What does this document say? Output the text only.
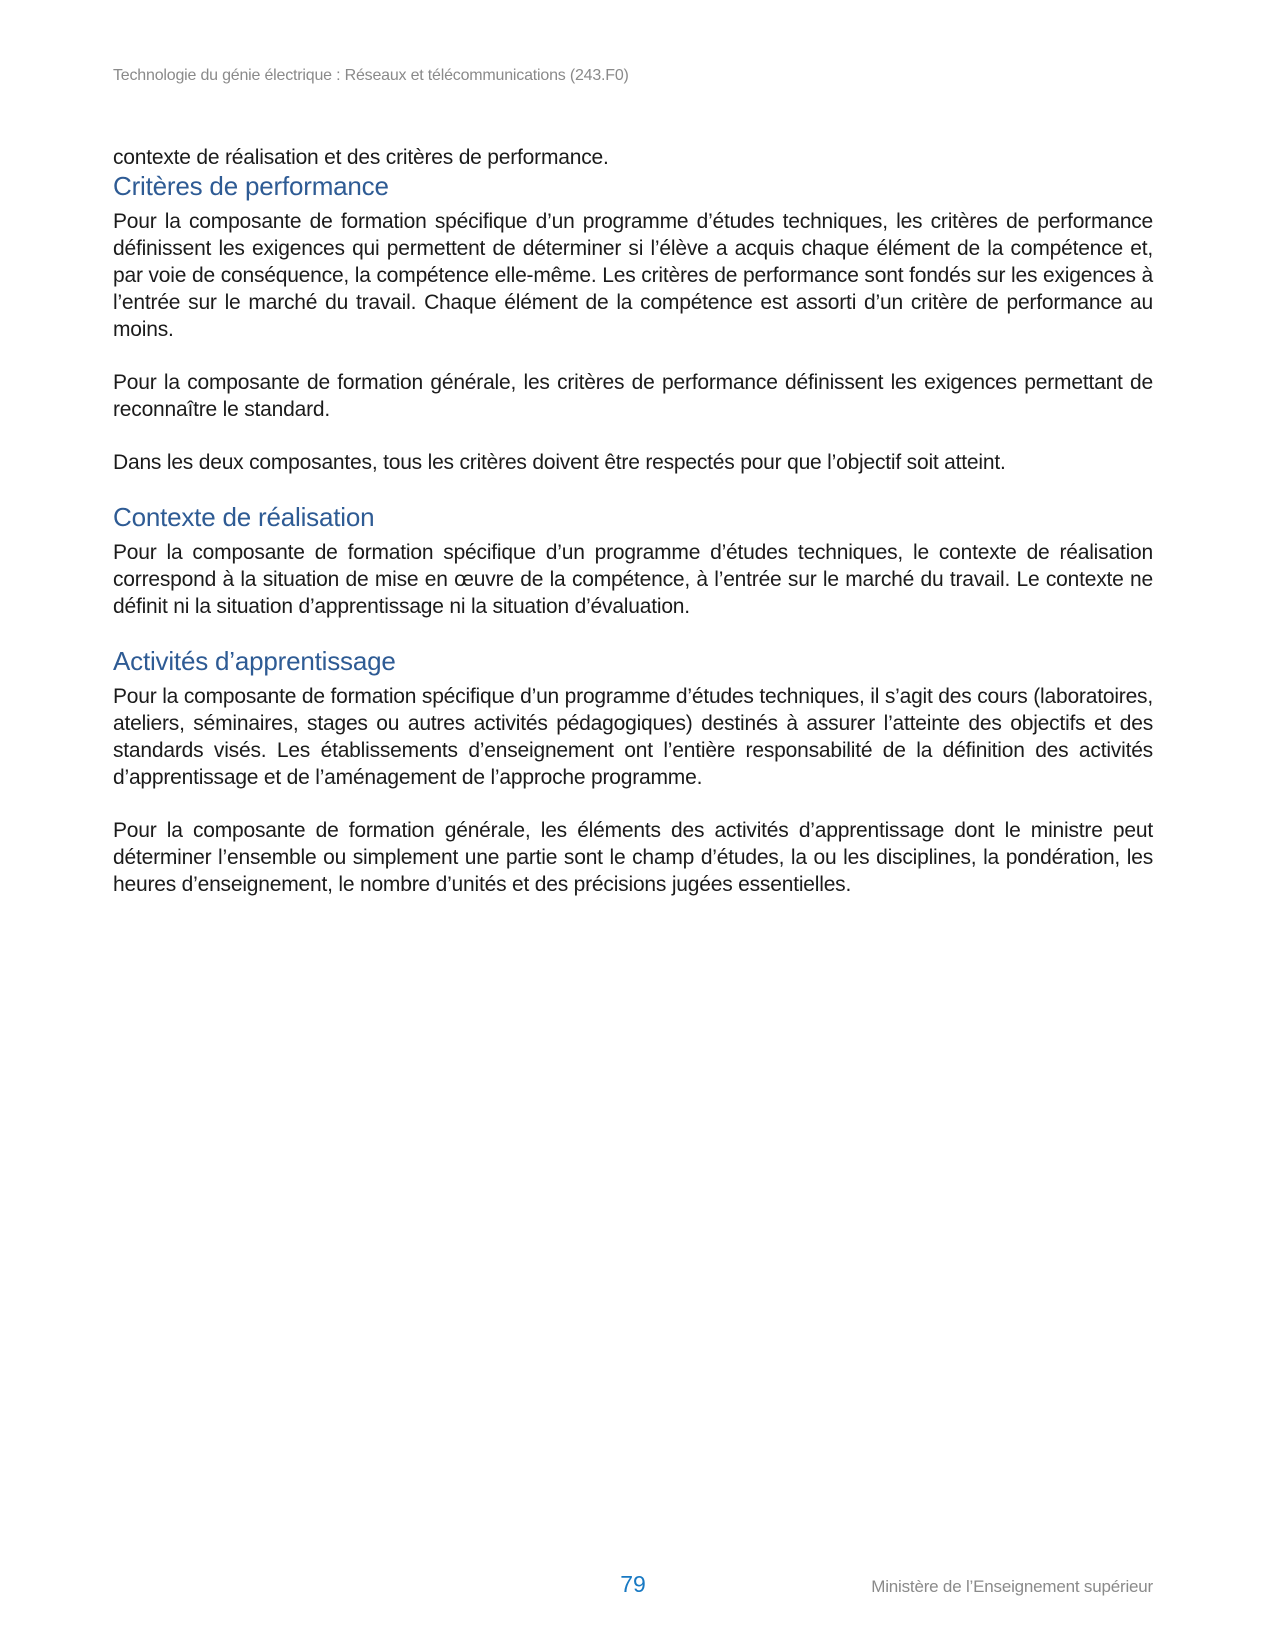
Technologie du génie électrique : Réseaux et télécommunications (243.F0)

contexte de réalisation et des critères de performance.

Critères de performance

Pour la composante de formation spécifique d’un programme d’études techniques, les critères de performance définissent les exigences qui permettent de déterminer si l’élève a acquis chaque élément de la compétence et, par voie de conséquence, la compétence elle-même. Les critères de performance sont fondés sur les exigences à l’entrée sur le marché du travail. Chaque élément de la compétence est assorti d’un critère de performance au moins.

Pour la composante de formation générale, les critères de performance définissent les exigences permettant de reconnaître le standard.

Dans les deux composantes, tous les critères doivent être respectés pour que l’objectif soit atteint.

Contexte de réalisation

Pour la composante de formation spécifique d’un programme d’études techniques, le contexte de réalisation correspond à la situation de mise en œuvre de la compétence, à l’entrée sur le marché du travail. Le contexte ne définit ni la situation d’apprentissage ni la situation d’évaluation.

Activités d’apprentissage

Pour la composante de formation spécifique d’un programme d’études techniques, il s’agit des cours (laboratoires, ateliers, séminaires, stages ou autres activités pédagogiques) destinés à assurer l’atteinte des objectifs et des standards visés. Les établissements d’enseignement ont l’entière responsabilité de la définition des activités d’apprentissage et de l’aménagement de l’approche programme.

Pour la composante de formation générale, les éléments des activités d’apprentissage dont le ministre peut déterminer l’ensemble ou simplement une partie sont le champ d’études, la ou les disciplines, la pondération, les heures d’enseignement, le nombre d’unités et des précisions jugées essentielles.

79	Ministère de l’Enseignement supérieur
